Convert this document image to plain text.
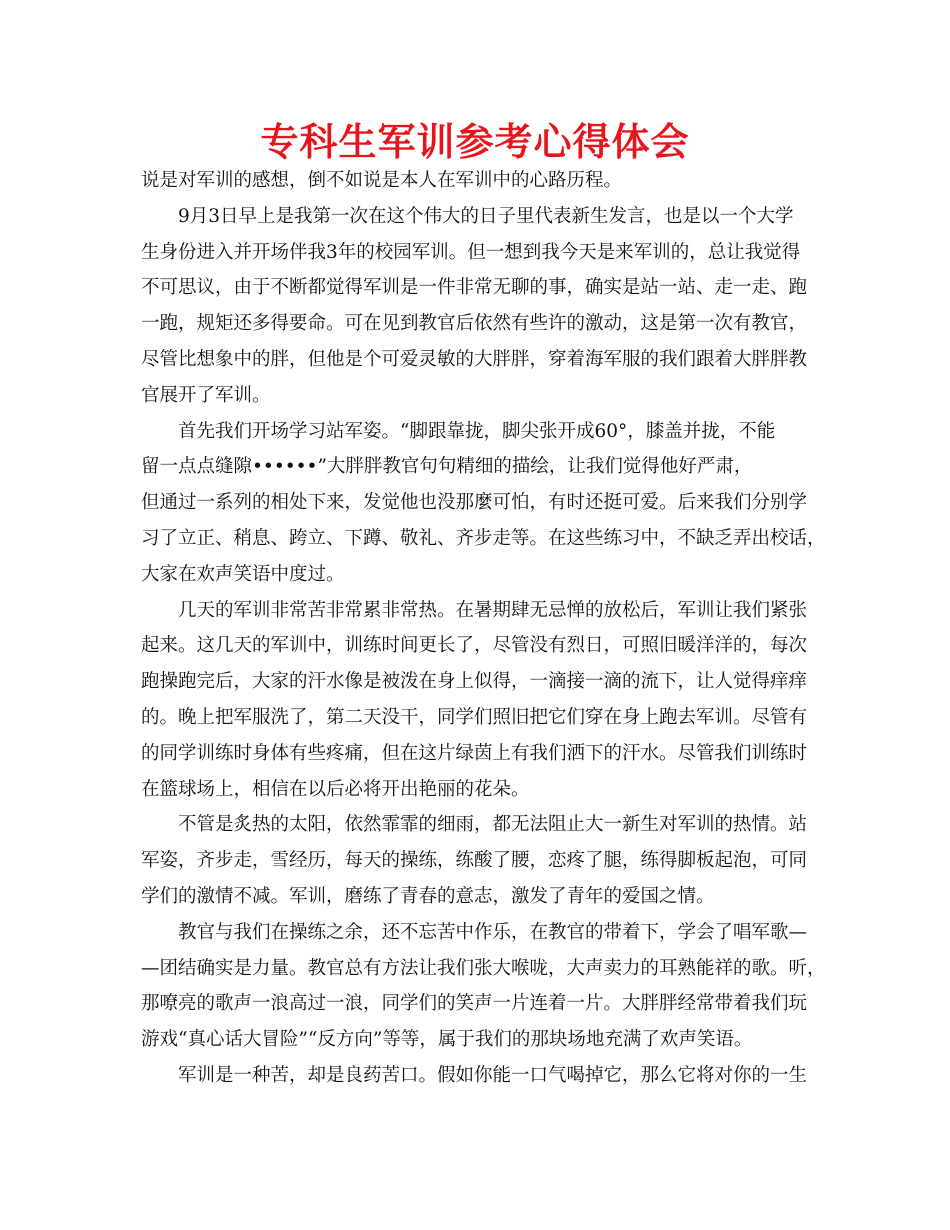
专科生军训参考心得体会
说是对军训的感想，倒不如说是本人在军训中的心路历程。
9月3日早上是我第一次在这个伟大的日子里代表新生发言，也是以一个大学
生身份进入并开场伴我3年的校园军训。但一想到我今天是来军训的，总让我觉得
不可思议，由于不断都觉得军训是一件非常无聊的事，确实是站一站、走一走、跑
一跑，规矩还多得要命。可在见到教官后依然有些许的激动，这是第一次有教官，
尽管比想象中的胖，但他是个可爱灵敏的大胖胖，穿着海军服的我们跟着大胖胖教
官展开了军训。
首先我们开场学习站军姿。“脚跟靠拢，脚尖张开成60°，膝盖并拢，不能
留一点点缝隙••••••”大胖胖教官句句精细的描绘，让我们觉得他好严肃，
但通过一系列的相处下来，发觉他也没那麼可怕，有时还挺可爱。后来我们分别学
习了立正、稍息、跨立、下蹲、敬礼、齐步走等。在这些练习中，不缺乏弄出校话，
大家在欢声笑语中度过。
几天的军训非常苦非常累非常热。在暑期肆无忌惮的放松后，军训让我们紧张
起来。这几天的军训中，训练时间更长了，尽管没有烈日，可照旧暖洋洋的，每次
跑操跑完后，大家的汗水像是被泼在身上似得，一滴接一滴的流下，让人觉得痒痒
的。晚上把军服洗了，第二天没干，同学们照旧把它们穿在身上跑去军训。尽管有
的同学训练时身体有些疼痛，但在这片绿茵上有我们洒下的汗水。尽管我们训练时
在篮球场上，相信在以后必将开出艳丽的花朵。
不管是炙热的太阳，依然霏霏的细雨，都无法阻止大一新生对军训的热情。站
军姿，齐步走，雪经历，每天的操练，练酸了腰，恋疼了腿，练得脚板起泡，可同
学们的激情不减。军训，磨练了青春的意志，激发了青年的爱国之情。
教官与我们在操练之余，还不忘苦中作乐，在教官的带着下，学会了唱军歌—
—团结确实是力量。教官总有方法让我们张大喉咙，大声卖力的耳熟能祥的歌。听，
那嘹亮的歌声一浪高过一浪，同学们的笑声一片连着一片。大胖胖经常带着我们玩
游戏“真心话大冒险”“反方向”等等，属于我们的那块场地充满了欢声笑语。
军训是一种苦，却是良药苦口。假如你能一口气喝掉它，那么它将对你的一生
